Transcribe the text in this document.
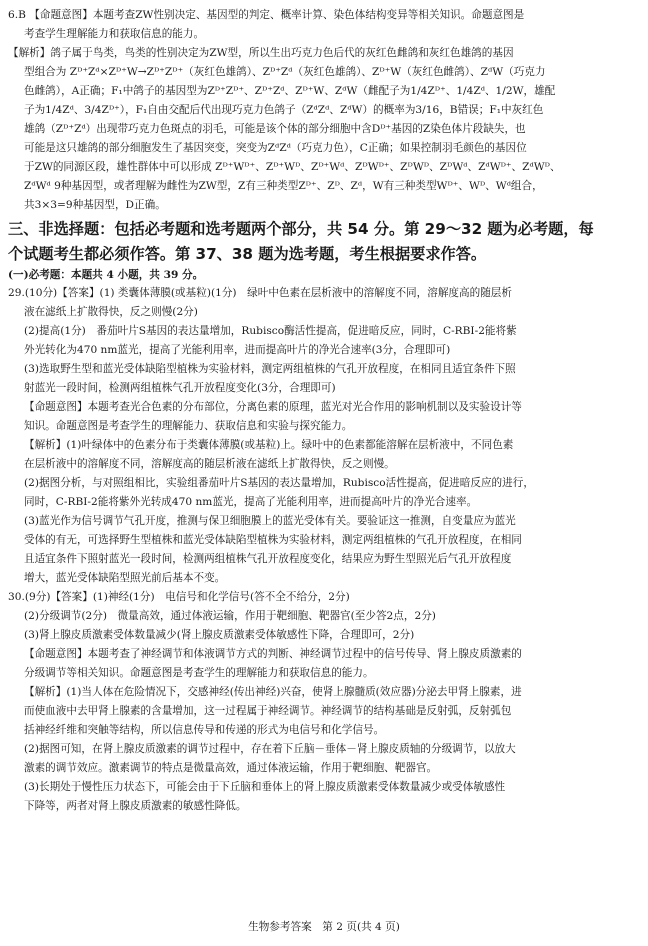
6.B 【命题意图】本题考查ZW性别决定、基因型的判定、概率计算、染色体结构变异等相关知识。命题意图是

考查学生理解能力和获取信息的能力。

【解析】鸽子属于鸟类，鸟类的性别决定为ZW型，所以生出巧克力色后代的灰红色雌鸽和灰红色雄鸽的基因

型组合为 Zᴰ⁺Zᵈ×Zᴰ⁺W→Zᴰ⁺Zᴰ⁺（灰红色雄鸽）、Zᴰ⁺Zᵈ（灰红色雄鸽）、Zᴰ⁺W（灰红色雌鸽）、ZᵈW（巧克力

色雌鸽），A正确；F₁中鸽子的基因型为Zᴰ⁺Zᴰ⁺、Zᴰ⁺Zᵈ、Zᴰ⁺W、ZᵈW（雌配子为1/4Zᴰ⁺、1/4Zᵈ、1/2W，雄配

子为1/4Zᵈ、3/4Zᴰ⁺），F₁自由交配后代出现巧克力色鸽子（ZᵈZᵈ、ZᵈW）的概率为3/16，B错误；F₁中灰红色

雄鸽（Zᴰ⁺Zᵈ）出现带巧克力色斑点的羽毛，可能是该个体的部分细胞中含Dᴰ⁺基因的Z染色体片段缺失，也

可能是这只雄鸽的部分细胞发生了基因突变，突变为ZᵈZᵈ（巧克力色），C正确；如果控制羽毛颜色的基因位

于ZW的同源区段，雄性群体中可以形成 Zᴰ⁺Wᴰ⁺、Zᴰ⁺Wᴰ、Zᴰ⁺Wᵈ、ZᴰWᴰ⁺、ZᴰWᴰ、ZᴰWᵈ、ZᵈWᴰ⁺、ZᵈWᴰ、

ZᵈWᵈ 9种基因型，或者理解为雌性为ZW型，Z有三种类型Zᴰ⁺、Zᴰ、Zᵈ，W有三种类型Wᴰ⁺、Wᴰ、Wᵈ组合，

共3×3=9种基因型，D正确。

三、非选择题：包括必考题和选考题两个部分，共 54 分。第 29～32 题为必考题，每
个试题考生都必须作答。第 37、38 题为选考题，考生根据要求作答。
(一)必考题：本题共 4 小题，共 39 分。

29.(10分)【答案】(1) 类囊体薄膜(或基粒)(1分)　绿叶中色素在层析液中的溶解度不同，溶解度高的随层析

液在滤纸上扩散得快，反之则慢(2分)

(2)提高(1分)　番茄叶片S基因的表达量增加，Rubisco酶活性提高，促进暗反应，同时，C-RBI-2能将紫

外光转化为470 nm蓝光，提高了光能利用率，进而提高叶片的净光合速率(3分，合理即可)

(3)选取野生型和蓝光受体缺陷型植株为实验材料，测定两组植株的气孔开放程度，在相同且适宜条件下照

射蓝光一段时间，检测两组植株气孔开放程度变化(3分，合理即可)

【命题意图】本题考查光合色素的分布部位，分离色素的原理，蓝光对光合作用的影响机制以及实验设计等

知识。命题意图是考查学生的理解能力、获取信息和实验与探究能力。

【解析】(1)叶绿体中的色素分布于类囊体薄膜(或基粒)上。绿叶中的色素都能溶解在层析液中，不同色素

在层析液中的溶解度不同，溶解度高的随层析液在滤纸上扩散得快，反之则慢。

(2)据图分析，与对照组相比，实验组番茄叶片S基因的表达量增加，Rubisco活性提高，促进暗反应的进行，

同时，C-RBI-2能将紫外光转成470 nm蓝光，提高了光能利用率，进而提高叶片的净光合速率。

(3)蓝光作为信号调节气孔开度，推测与保卫细胞膜上的蓝光受体有关。要验证这一推测，自变量应为蓝光

受体的有无，可选择野生型植株和蓝光受体缺陷型植株为实验材料，测定两组植株的气孔开放程度，在相同

且适宜条件下照射蓝光一段时间，检测两组植株气孔开放程度变化，结果应为野生型照光后气孔开放程度

增大，蓝光受体缺陷型照光前后基本不变。

30.(9分)【答案】(1)神经(1分)　电信号和化学信号(答不全不给分，2分)

(2)分级调节(2分)　微量高效，通过体液运输，作用于靶细胞、靶器官(至少答2点，2分)

(3)肾上腺皮质激素受体数量减少(肾上腺皮质激素受体敏感性下降，合理即可，2分)

【命题意图】本题考查了神经调节和体液调节方式的判断、神经调节过程中的信号传导、肾上腺皮质激素的

分级调节等相关知识。命题意图是考查学生的理解能力和获取信息的能力。

【解析】(1)当人体在危险情况下，交感神经(传出神经)兴奋，使肾上腺髓质(效应器)分泌去甲肾上腺素，进

而使血液中去甲肾上腺素的含量增加，这一过程属于神经调节。神经调节的结构基础是反射弧，反射弧包

括神经纤维和突触等结构，所以信息传导和传递的形式为电信号和化学信号。

(2)据图可知，在肾上腺皮质激素的调节过程中，存在着下丘脑－垂体－肾上腺皮质轴的分级调节，以放大

激素的调节效应。激素调节的特点是微量高效，通过体液运输，作用于靶细胞、靶器官。

(3)长期处于慢性压力状态下，可能会由于下丘脑和垂体上的肾上腺皮质激素受体数量减少或受体敏感性

下降等，两者对肾上腺皮质激素的敏感性降低。

生物参考答案　第 2 页(共 4 页)
